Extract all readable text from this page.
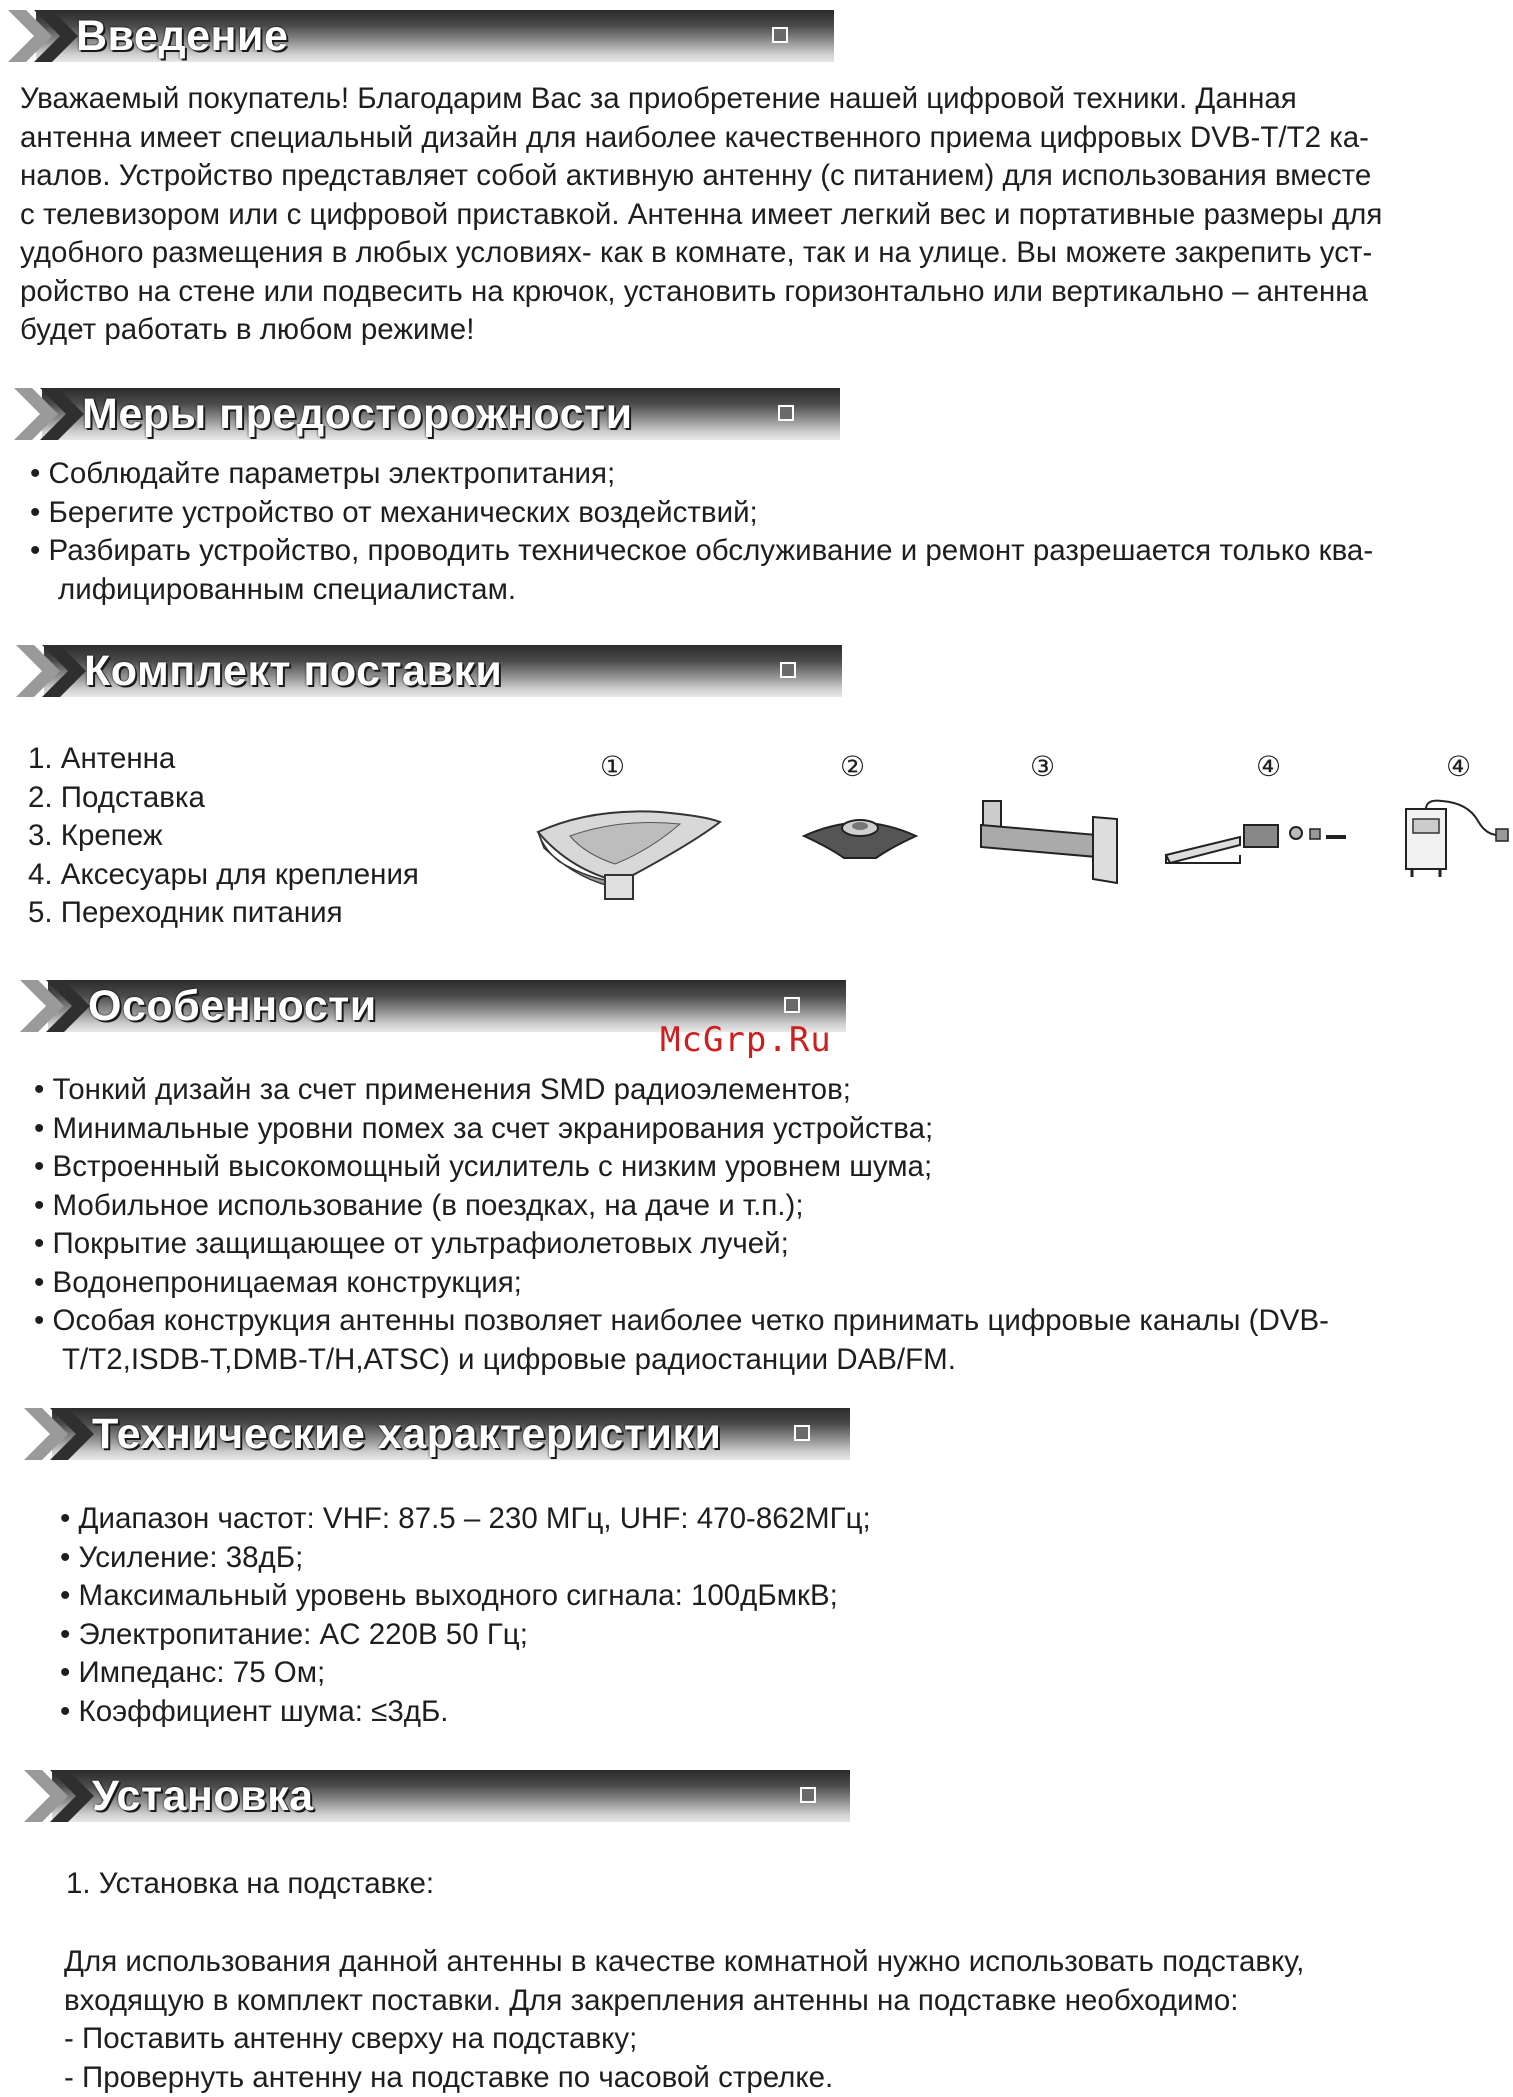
Введение

Уважаемый покупатель! Благодарим Вас за приобретение нашей цифровой техники. Данная

антенна имеет специальный дизайн для наиболее качественного приема цифровых DVB-T/T2 ка-

налов. Устройство представляет собой активную антенну (с питанием) для использования вместе

с телевизором или с цифровой приставкой. Антенна имеет легкий вес и портативные размеры для

удобного размещения в любых условиях- как в комнате, так и на улице. Вы можете закрепить уст-

ройство на стене или подвесить на крючок, установить горизонтально или вертикально – антенна

будет работать в любом режиме!

Меры предосторожности
• Соблюдайте параметры электропитания;
• Берегите устройство от механических воздействий;
• Разбирать устройство, проводить техническое обслуживание и ремонт разрешается только ква-лифицированным специалистам.
Комплект поставки
1. Антенна
2. Подставка
3. Крепеж
4. Аксесуары для крепления
5. Переходник питания
①	②	③	④	④
Особенности
McGrp.Ru
• Тонкий дизайн за счет применения SMD радиоэлементов;
• Минимальные уровни помех за счет экранирования устройства;
• Встроенный высокомощный усилитель с низким уровнем шума;
• Мобильное использование (в поездках, на даче и т.п.);
• Покрытие защищающее от ультрафиолетовых лучей;
• Водонепроницаемая конструкция;
• Особая конструкция антенны позволяет наиболее четко принимать цифровые каналы (DVB-T/T2,ISDB-T,DMB-T/H,ATSC) и цифровые радиостанции DAB/FM.
Технические характеристики
• Диапазон частот: VHF: 87.5 – 230 МГц, UHF: 470-862МГц;
• Усиление: 38дБ;
• Максимальный уровень выходного сигнала: 100дБмкВ;
• Электропитание: AC 220В 50 Гц;
• Импеданс: 75 Ом;
• Коэффициент шума: ≤3дБ.
Установка

1. Установка на подставке:

Для использования данной антенны в качестве комнатной нужно использовать подставку,

входящую в комплект поставки. Для закрепления антенны на подставке необходимо:

- Поставить антенну сверху на подставку;

- Провернуть антенну на подставке по часовой стрелке.
